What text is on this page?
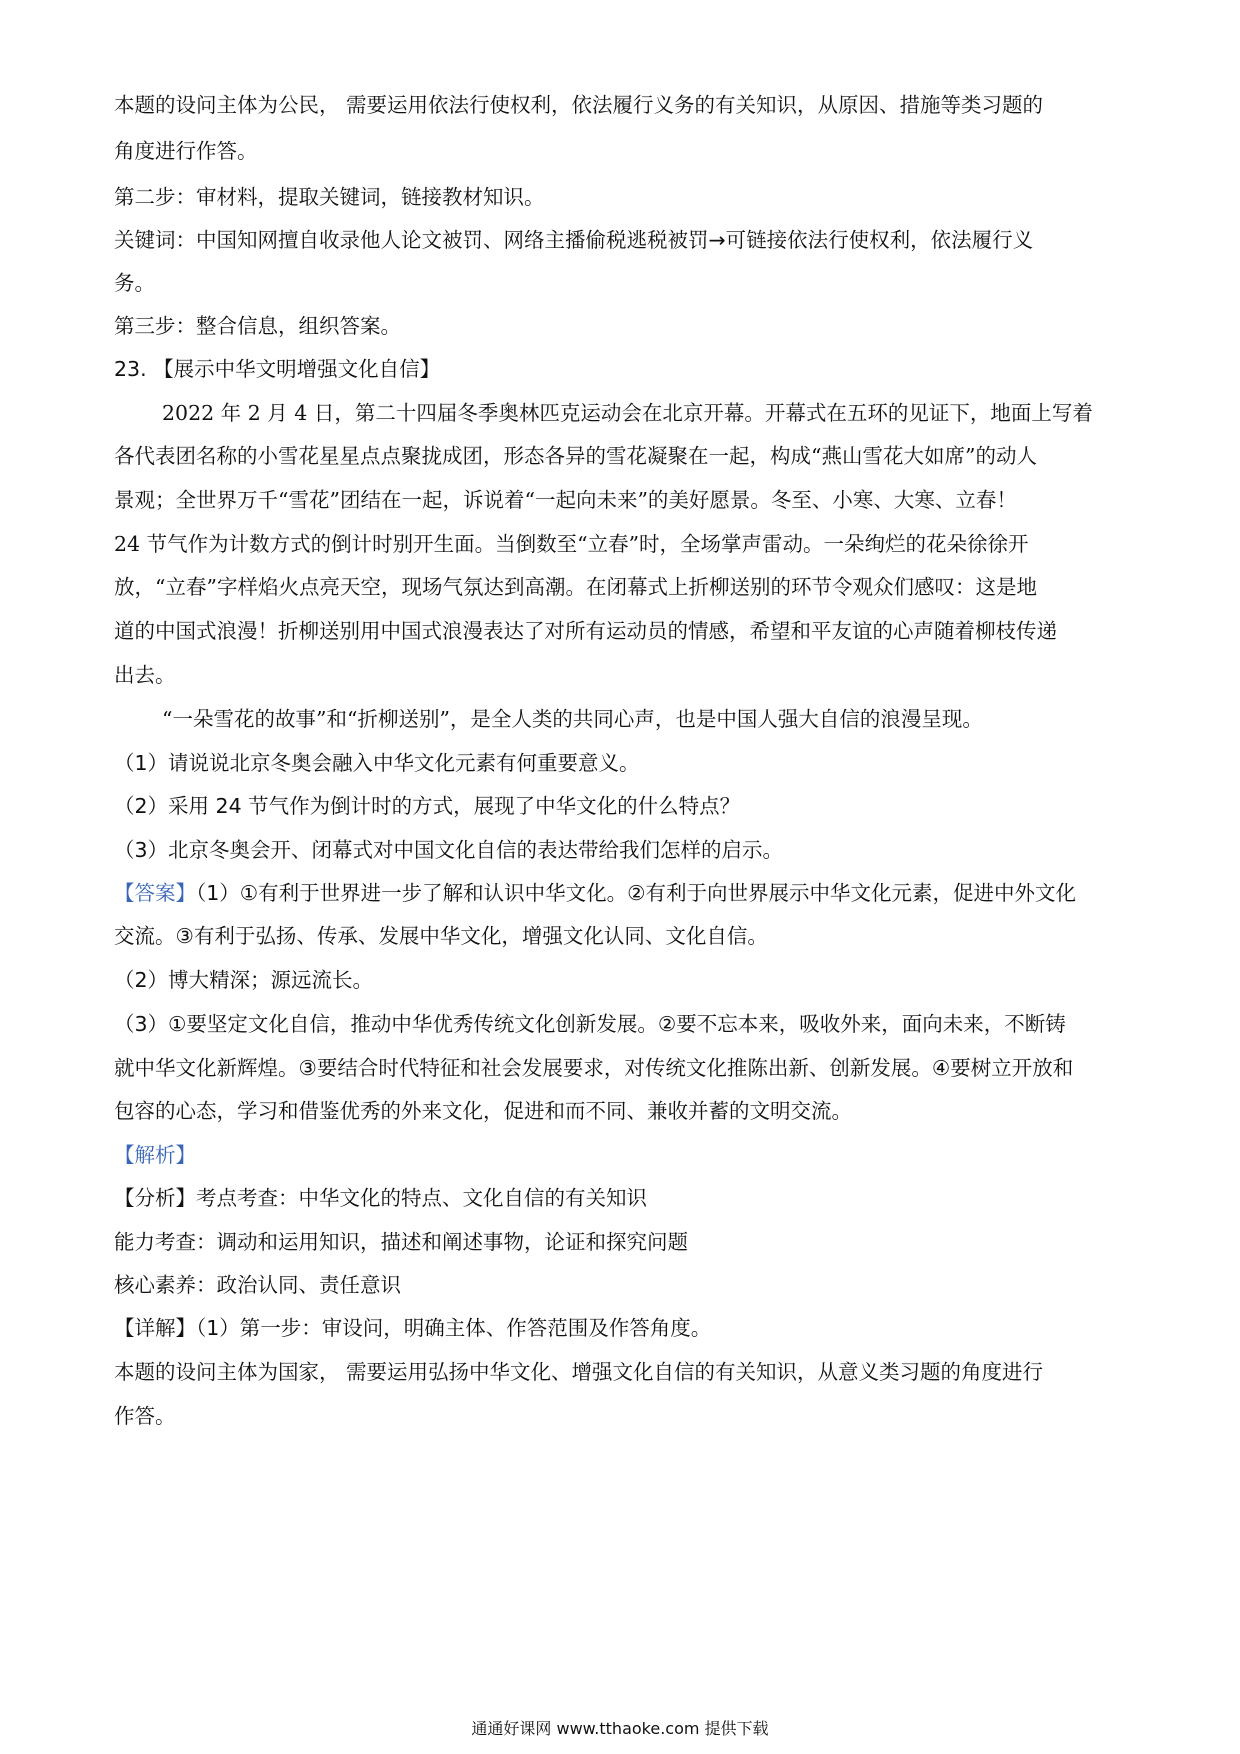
本题的设问主体为公民， 需要运用依法行使权利，依法履行义务的有关知识，从原因、措施等类习题的
角度进行作答。
第二步：审材料，提取关键词，链接教材知识。
关键词：中国知网擅自收录他人论文被罚、网络主播偷税逃税被罚→可链接依法行使权利，依法履行义
务。
第三步：整合信息，组织答案。
23. 【展示中华文明增强文化自信】
2022 年 2 月 4 日，第二十四届冬季奥林匹克运动会在北京开幕。开幕式在五环的见证下，地面上写着
各代表团名称的小雪花星星点点聚拢成团，形态各异的雪花凝聚在一起，构成“燕山雪花大如席”的动人
景观；全世界万千“雪花”团结在一起，诉说着“一起向未来”的美好愿景。冬至、小寒、大寒、立春！
24 节气作为计数方式的倒计时别开生面。当倒数至“立春”时，全场掌声雷动。一朵绚烂的花朵徐徐开
放，“立春”字样焰火点亮天空，现场气氛达到高潮。在闭幕式上折柳送别的环节令观众们感叹：这是地
道的中国式浪漫！折柳送别用中国式浪漫表达了对所有运动员的情感，希望和平友谊的心声随着柳枝传递
出去。
“一朵雪花的故事”和“折柳送别”，是全人类的共同心声，也是中国人强大自信的浪漫呈现。
（1）请说说北京冬奥会融入中华文化元素有何重要意义。
（2）采用 24 节气作为倒计时的方式，展现了中华文化的什么特点？
（3）北京冬奥会开、闭幕式对中国文化自信的表达带给我们怎样的启示。
【答案】（1）①有利于世界进一步了解和认识中华文化。②有利于向世界展示中华文化元素，促进中外文化
交流。③有利于弘扬、传承、发展中华文化，增强文化认同、文化自信。
（2）博大精深；源远流长。
（3）①要坚定文化自信，推动中华优秀传统文化创新发展。②要不忘本来，吸收外来，面向未来，不断铸
就中华文化新辉煌。③要结合时代特征和社会发展要求，对传统文化推陈出新、创新发展。④要树立开放和
包容的心态，学习和借鉴优秀的外来文化，促进和而不同、兼收并蓄的文明交流。
【解析】
【分析】考点考查：中华文化的特点、文化自信的有关知识
能力考查：调动和运用知识，描述和阐述事物，论证和探究问题
核心素养：政治认同、责任意识
【详解】（1）第一步：审设问，明确主体、作答范围及作答角度。
本题的设问主体为国家， 需要运用弘扬中华文化、增强文化自信的有关知识，从意义类习题的角度进行
作答。
通通好课网 www.tthaoke.com 提供下载
